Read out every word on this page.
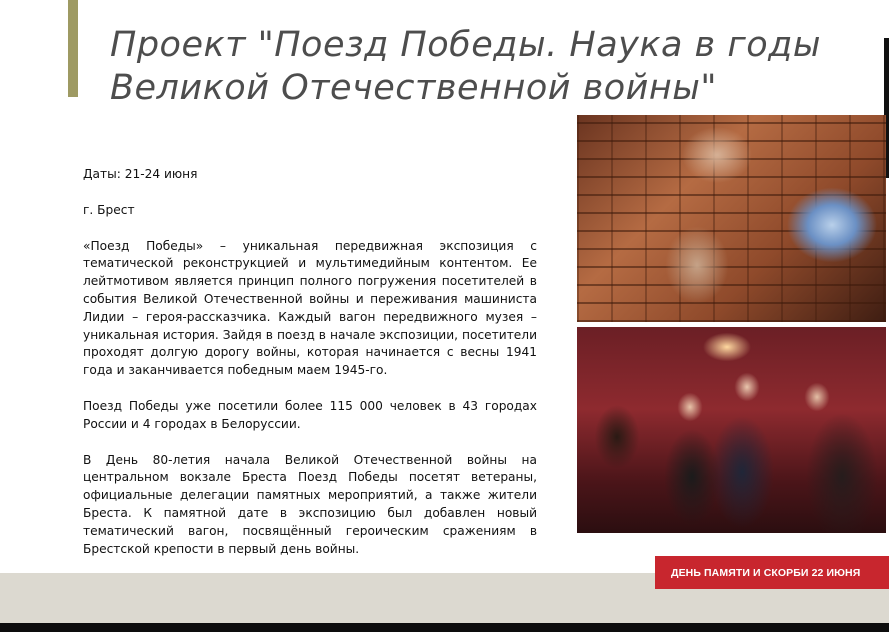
Проект "Поезд Победы. Наука в годы Великой Отечественной войны"

Даты: 21-24 июня

г. Брест

«Поезд Победы» – уникальная передвижная экспозиция с тематической реконструкцией и мультимедийным контентом. Ее лейтмотивом является принцип полного погружения посетителей в события Великой Отечественной войны и переживания машиниста Лидии – героя-рассказчика. Каждый вагон передвижного музея – уникальная история. Зайдя в поезд в начале экспозиции, посетители проходят долгую дорогу войны, которая начинается с весны 1941 года и заканчивается победным маем 1945-го.

Поезд Победы уже посетили более 115 000 человек в 43 городах России и 4 городах в Белоруссии.

В День 80-летия начала Великой Отечественной войны на центральном вокзале Бреста Поезд Победы посетят ветераны, официальные делегации памятных мероприятий, а также жители Бреста. К памятной дате в экспозицию был добавлен новый тематический вагон, посвящённый героическим сражениям в Брестской крепости в первый день войны.

ДЕНЬ ПАМЯТИ И СКОРБИ 22 ИЮНЯ
